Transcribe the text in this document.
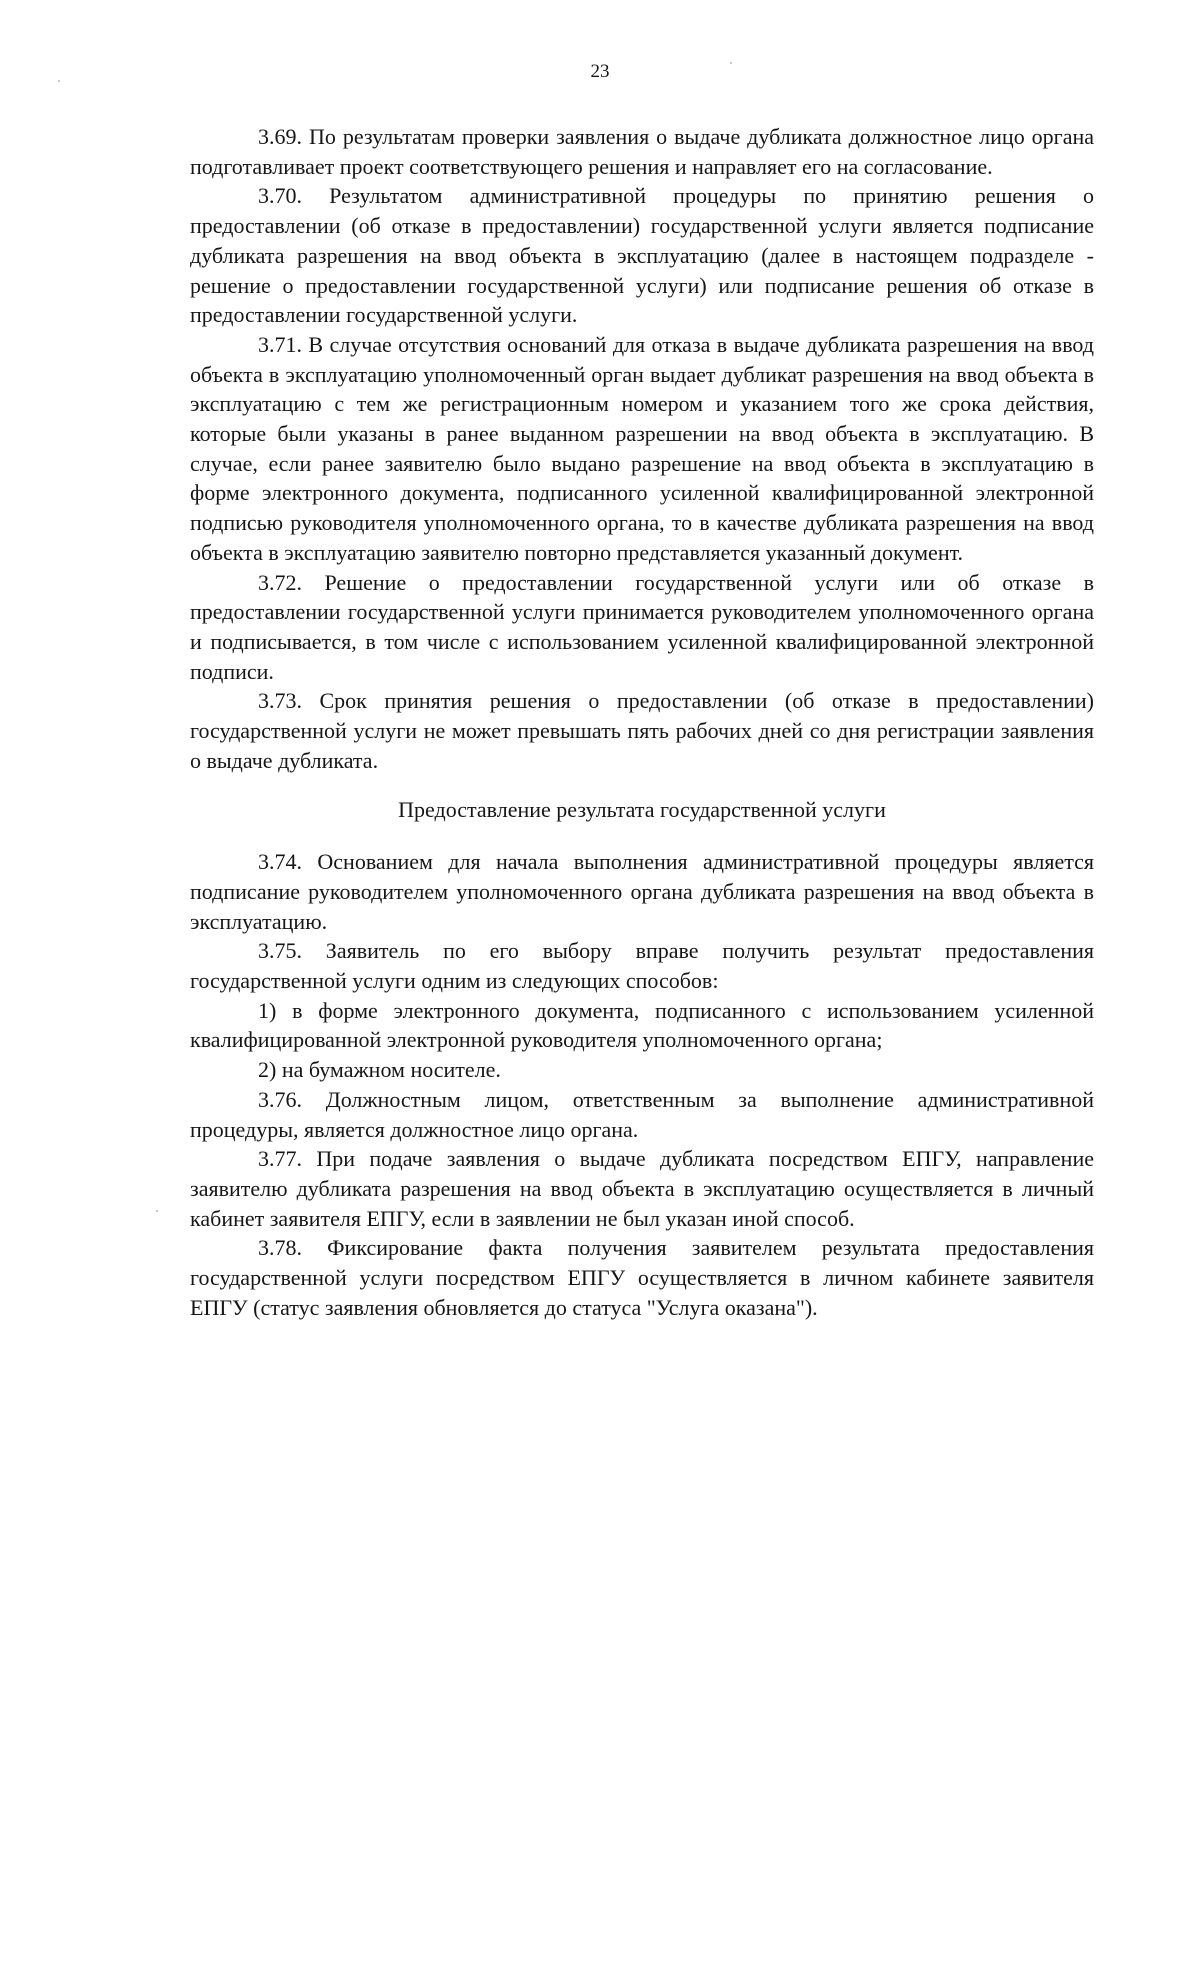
23

3.69. По результатам проверки заявления о выдаче дубликата должностное лицо органа подготавливает проект соответствующего решения и направляет его на согласование.

3.70. Результатом административной процедуры по принятию решения о предоставлении (об отказе в предоставлении) государственной услуги является подписание дубликата разрешения на ввод объекта в эксплуатацию (далее в настоящем подразделе - решение о предоставлении государственной услуги) или подписание решения об отказе в предоставлении государственной услуги.

3.71. В случае отсутствия оснований для отказа в выдаче дубликата разрешения на ввод объекта в эксплуатацию уполномоченный орган выдает дубликат разрешения на ввод объекта в эксплуатацию с тем же регистрационным номером и указанием того же срока действия, которые были указаны в ранее выданном разрешении на ввод объекта в эксплуатацию. В случае, если ранее заявителю было выдано разрешение на ввод объекта в эксплуатацию в форме электронного документа, подписанного усиленной квалифицированной электронной подписью руководителя уполномоченного органа, то в качестве дубликата разрешения на ввод объекта в эксплуатацию заявителю повторно представляется указанный документ.

3.72. Решение о предоставлении государственной услуги или об отказе в предоставлении государственной услуги принимается руководителем уполномоченного органа и подписывается, в том числе с использованием усиленной квалифицированной электронной подписи.

3.73. Срок принятия решения о предоставлении (об отказе в предоставлении) государственной услуги не может превышать пять рабочих дней со дня регистрации заявления о выдаче дубликата.

Предоставление результата государственной услуги

3.74. Основанием для начала выполнения административной процедуры является подписание руководителем уполномоченного органа дубликата разрешения на ввод объекта в эксплуатацию.

3.75. Заявитель по его выбору вправе получить результат предоставления государственной услуги одним из следующих способов:

1) в форме электронного документа, подписанного с использованием усиленной квалифицированной электронной руководителя уполномоченного органа;

2) на бумажном носителе.

3.76. Должностным лицом, ответственным за выполнение административной процедуры, является должностное лицо органа.

3.77. При подаче заявления о выдаче дубликата посредством ЕПГУ, направление заявителю дубликата разрешения на ввод объекта в эксплуатацию осуществляется в личный кабинет заявителя ЕПГУ, если в заявлении не был указан иной способ.

3.78. Фиксирование факта получения заявителем результата предоставления государственной услуги посредством ЕПГУ осуществляется в личном кабинете заявителя ЕПГУ (статус заявления обновляется до статуса "Услуга оказана").
